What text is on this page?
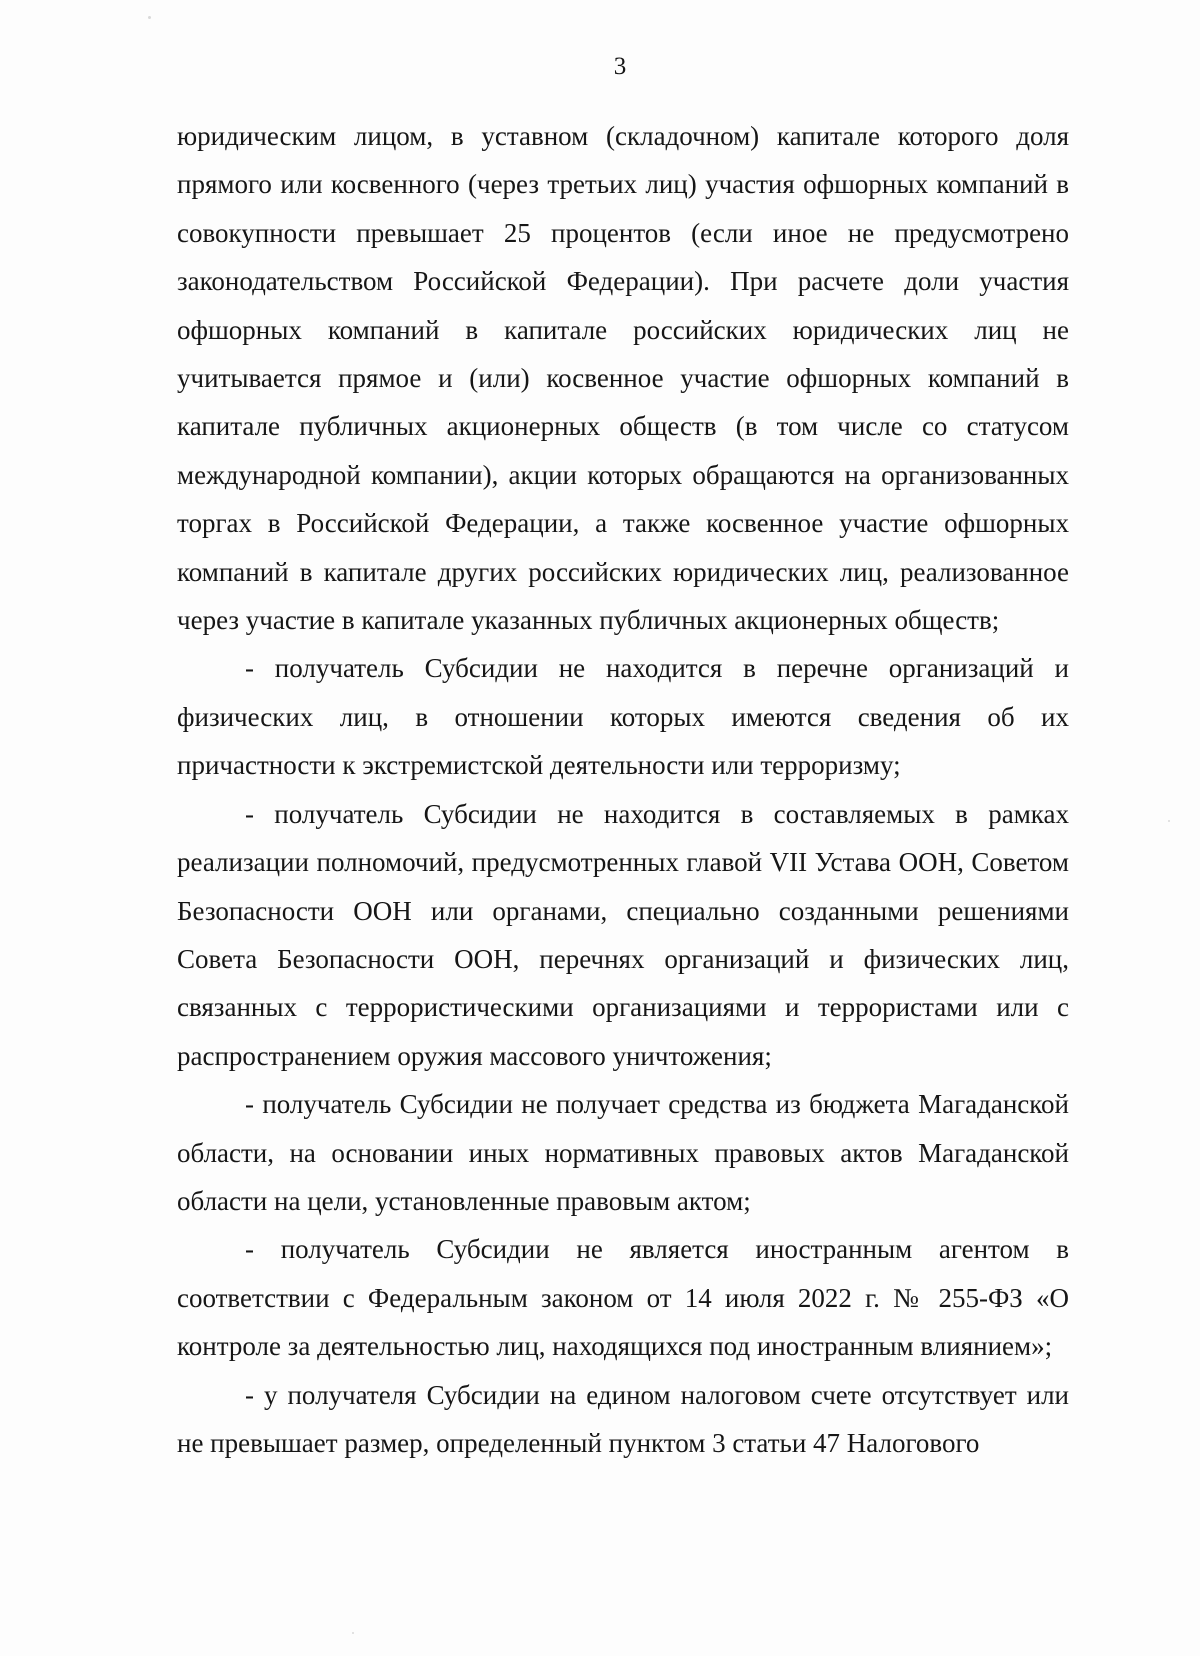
3

юридическим лицом, в уставном (складочном) капитале которого доля прямого или косвенного (через третьих лиц) участия офшорных компаний в совокупности превышает 25 процентов (если иное не предусмотрено законодательством Российской Федерации). При расчете доли участия офшорных компаний в капитале российских юридических лиц не учитывается прямое и (или) косвенное участие офшорных компаний в капитале публичных акционерных обществ (в том числе со статусом международной компании), акции которых обращаются на организованных торгах в Российской Федерации, а также косвенное участие офшорных компаний в капитале других российских юридических лиц, реализованное через участие в капитале указанных публичных акционерных обществ;

- получатель Субсидии не находится в перечне организаций и физических лиц, в отношении которых имеются сведения об их причастности к экстремистской деятельности или терроризму;

- получатель Субсидии не находится в составляемых в рамках реализации полномочий, предусмотренных главой VII Устава ООН, Советом Безопасности ООН или органами, специально созданными решениями Совета Безопасности ООН, перечнях организаций и физических лиц, связанных с террористическими организациями и террористами или с распространением оружия массового уничтожения;

- получатель Субсидии не получает средства из бюджета Магаданской области, на основании иных нормативных правовых актов Магаданской области на цели, установленные правовым актом;

- получатель Субсидии не является иностранным агентом в соответствии с Федеральным законом от 14 июля 2022 г. № 255-ФЗ «О контроле за деятельностью лиц, находящихся под иностранным влиянием»;

- у получателя Субсидии на едином налоговом счете отсутствует или не превышает размер, определенный пунктом 3 статьи 47 Налогового
